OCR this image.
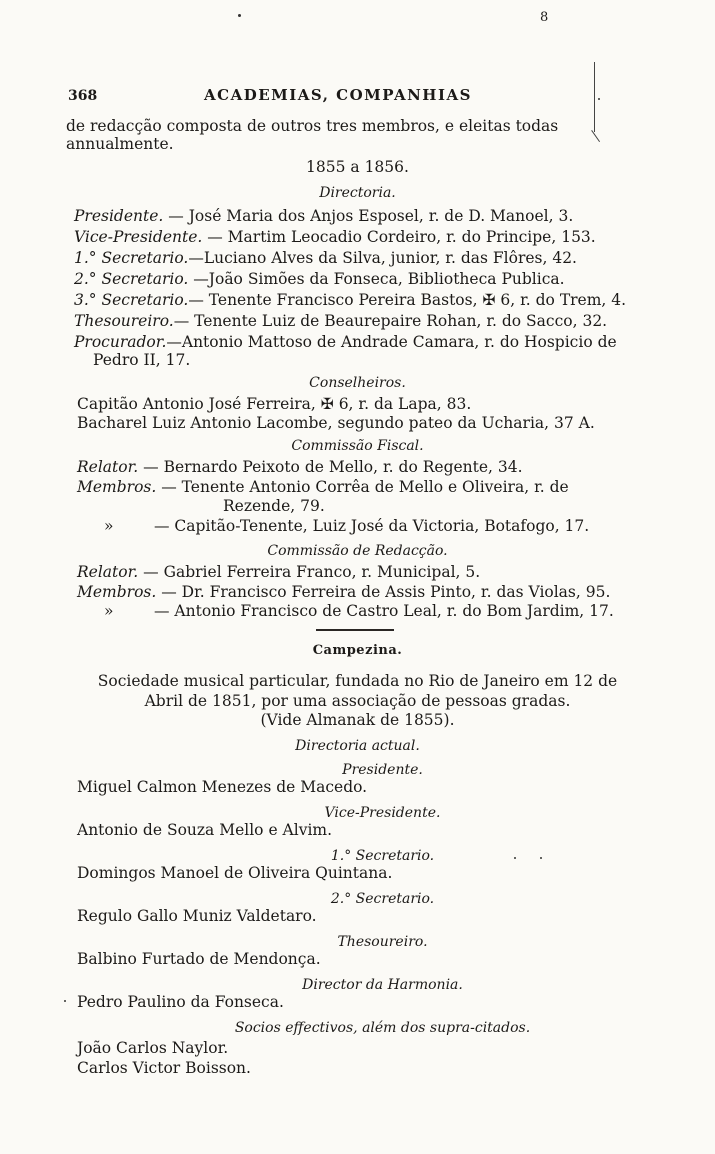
8
368	ACADEMIAS, COMPANHIAS
de redacção composta de outros tres membros, e eleitas todas
annualmente.
1855 a 1856.
Directoria.
Presidente. — José Maria dos Anjos Esposel, r. de D. Manoel, 3.
Vice-Presidente. — Martim Leocadio Cordeiro, r. do Principe, 153.
1.° Secretario.—Luciano Alves da Silva, junior, r. das Flôres, 42.
2.° Secretario. —João Simões da Fonseca, Bibliotheca Publica.
3.° Secretario.— Tenente Francisco Pereira Bastos, ✠ 6, r. do Trem, 4.
Thesoureiro.— Tenente Luiz de Beaurepaire Rohan, r. do Sacco, 32.
Procurador.—Antonio Mattoso de Andrade Camara, r. do Hospicio de
Pedro II, 17.
Conselheiros.
Capitão Antonio José Ferreira, ✠ 6, r. da Lapa, 83.
Bacharel Luiz Antonio Lacombe, segundo pateo da Ucharia, 37 A.
Commissão Fiscal.
Relator. — Bernardo Peixoto de Mello, r. do Regente, 34.
Membros. — Tenente Antonio Corrêa de Mello e Oliveira, r. de
Rezende, 79.
»	— Capitão-Tenente, Luiz José da Victoria, Botafogo, 17.
Commissão de Redacção.
Relator. — Gabriel Ferreira Franco, r. Municipal, 5.
Membros. — Dr. Francisco Ferreira de Assis Pinto, r. das Violas, 95.
»	— Antonio Francisco de Castro Leal, r. do Bom Jardim, 17.
Campezina.
Sociedade musical particular, fundada no Rio de Janeiro em 12 de
Abril de 1851, por uma associação de pessoas gradas.
(Vide Almanak de 1855).
Directoria actual.
Presidente.
Miguel Calmon Menezes de Macedo.
Vice-Presidente.
Antonio de Souza Mello e Alvim.
1.° Secretario.
Domingos Manoel de Oliveira Quintana.
2.° Secretario.
Regulo Gallo Muniz Valdetaro.
Thesoureiro.
Balbino Furtado de Mendonça.
Director da Harmonia.
Pedro Paulino da Fonseca.
Socios effectivos, além dos supra-citados.
João Carlos Naylor.
Carlos Victor Boisson.
